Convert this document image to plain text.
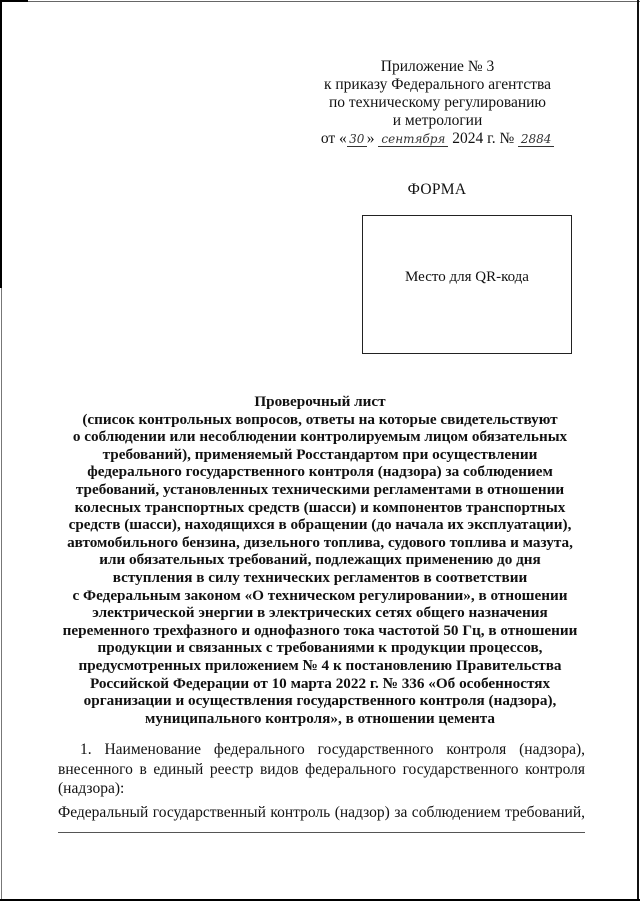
Приложение № 3
к приказу Федерального агентства
по техническому регулированию
и метрологии
от « 30 » сентября 2024 г. № 2884
ФОРМА
Место для QR-кода
Проверочный лист
(список контрольных вопросов, ответы на которые свидетельствуют
о соблюдении или несоблюдении контролируемым лицом обязательных
требований), применяемый Росстандартом при осуществлении
федерального государственного контроля (надзора) за соблюдением
требований, установленных техническими регламентами в отношении
колесных транспортных средств (шасси) и компонентов транспортных
средств (шасси), находящихся в обращении (до начала их эксплуатации),
автомобильного бензина, дизельного топлива, судового топлива и мазута,
или обязательных требований, подлежащих применению до дня
вступления в силу технических регламентов в соответствии
с Федеральным законом «О техническом регулировании», в отношении
электрической энергии в электрических сетях общего назначения
переменного трехфазного и однофазного тока частотой 50 Гц, в отношении
продукции и связанных с требованиями к продукции процессов,
предусмотренных приложением № 4 к постановлению Правительства
Российской Федерации от 10 марта 2022 г. № 336 «Об особенностях
организации и осуществления государственного контроля (надзора),
муниципального контроля», в отношении цемента
1. Наименование федерального государственного контроля (надзора),
внесенного в единый реестр видов федерального государственного контроля
(надзора):
Федеральный государственный контроль (надзор) за соблюдением требований,
